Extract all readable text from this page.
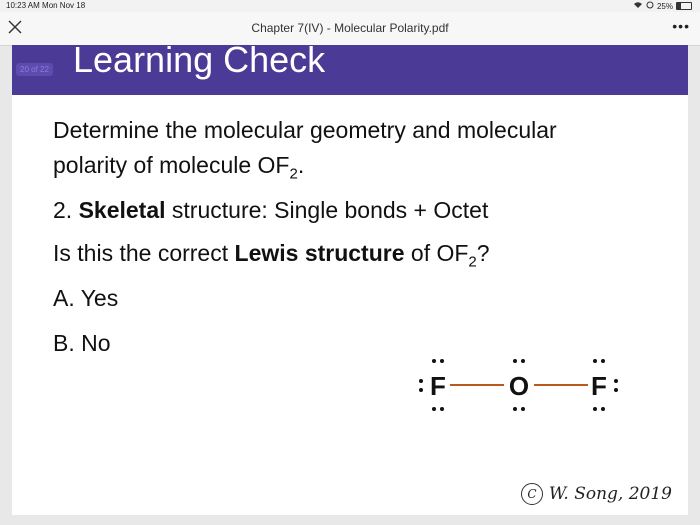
10:23 AM Mon Nov 18	25%
Chapter 7(IV) - Molecular Polarity.pdf	•••
20 of 22 Learning Check
Determine the molecular geometry and molecular
polarity of molecule $OF_2$.
2. Skeletal structure: Single bonds + Octet
Is this the correct Lewis structure of $OF_2$?
A. Yes
B. No
F O F
C W. Song, 2019
